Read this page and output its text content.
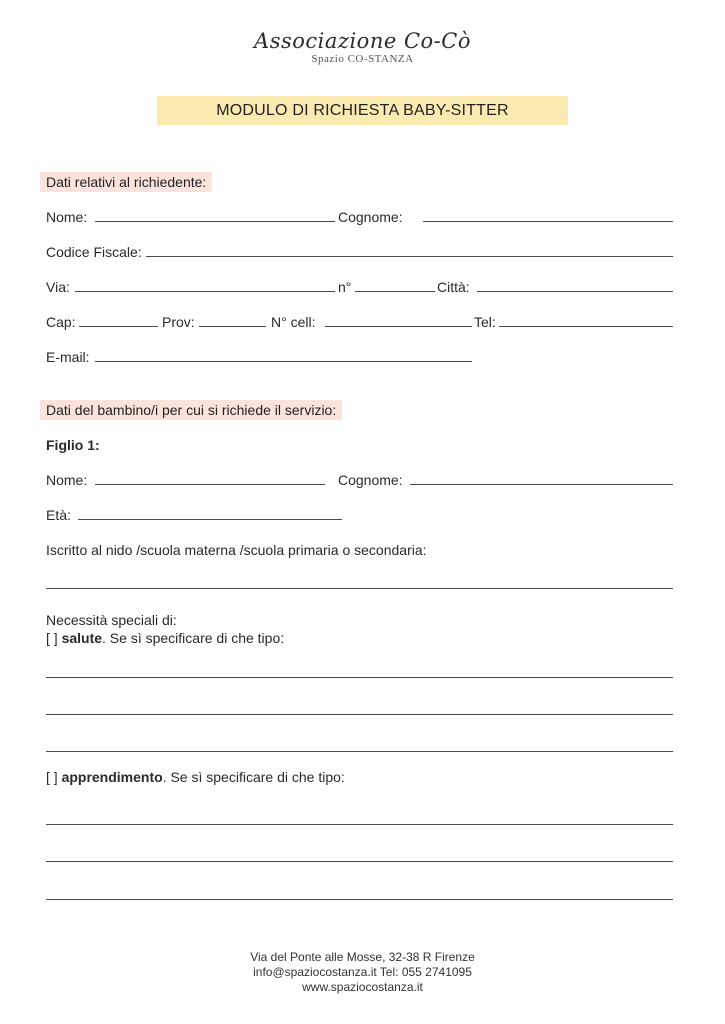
Associazione Co-Cò
Spazio CO-STANZA
MODULO DI RICHIESTA BABY-SITTER
Dati relativi al richiedente:
Nome:	Cognome:
Codice Fiscale:
Via:	n°	Città:
Cap:	Prov:	N° cell:	Tel:
E-mail:
Dati del bambino/i per cui si richiede il servizio:
Figlio 1:
Nome:	Cognome:
Età:
Iscritto al nido /scuola materna /scuola primaria o secondaria:
Necessità speciali di:
[ ] salute. Se sì specificare di che tipo:
[ ] apprendimento. Se sì specificare di che tipo:
Via del Ponte alle Mosse, 32-38 R Firenze
info@spaziocostanza.it Tel: 055 2741095
www.spaziocostanza.it
